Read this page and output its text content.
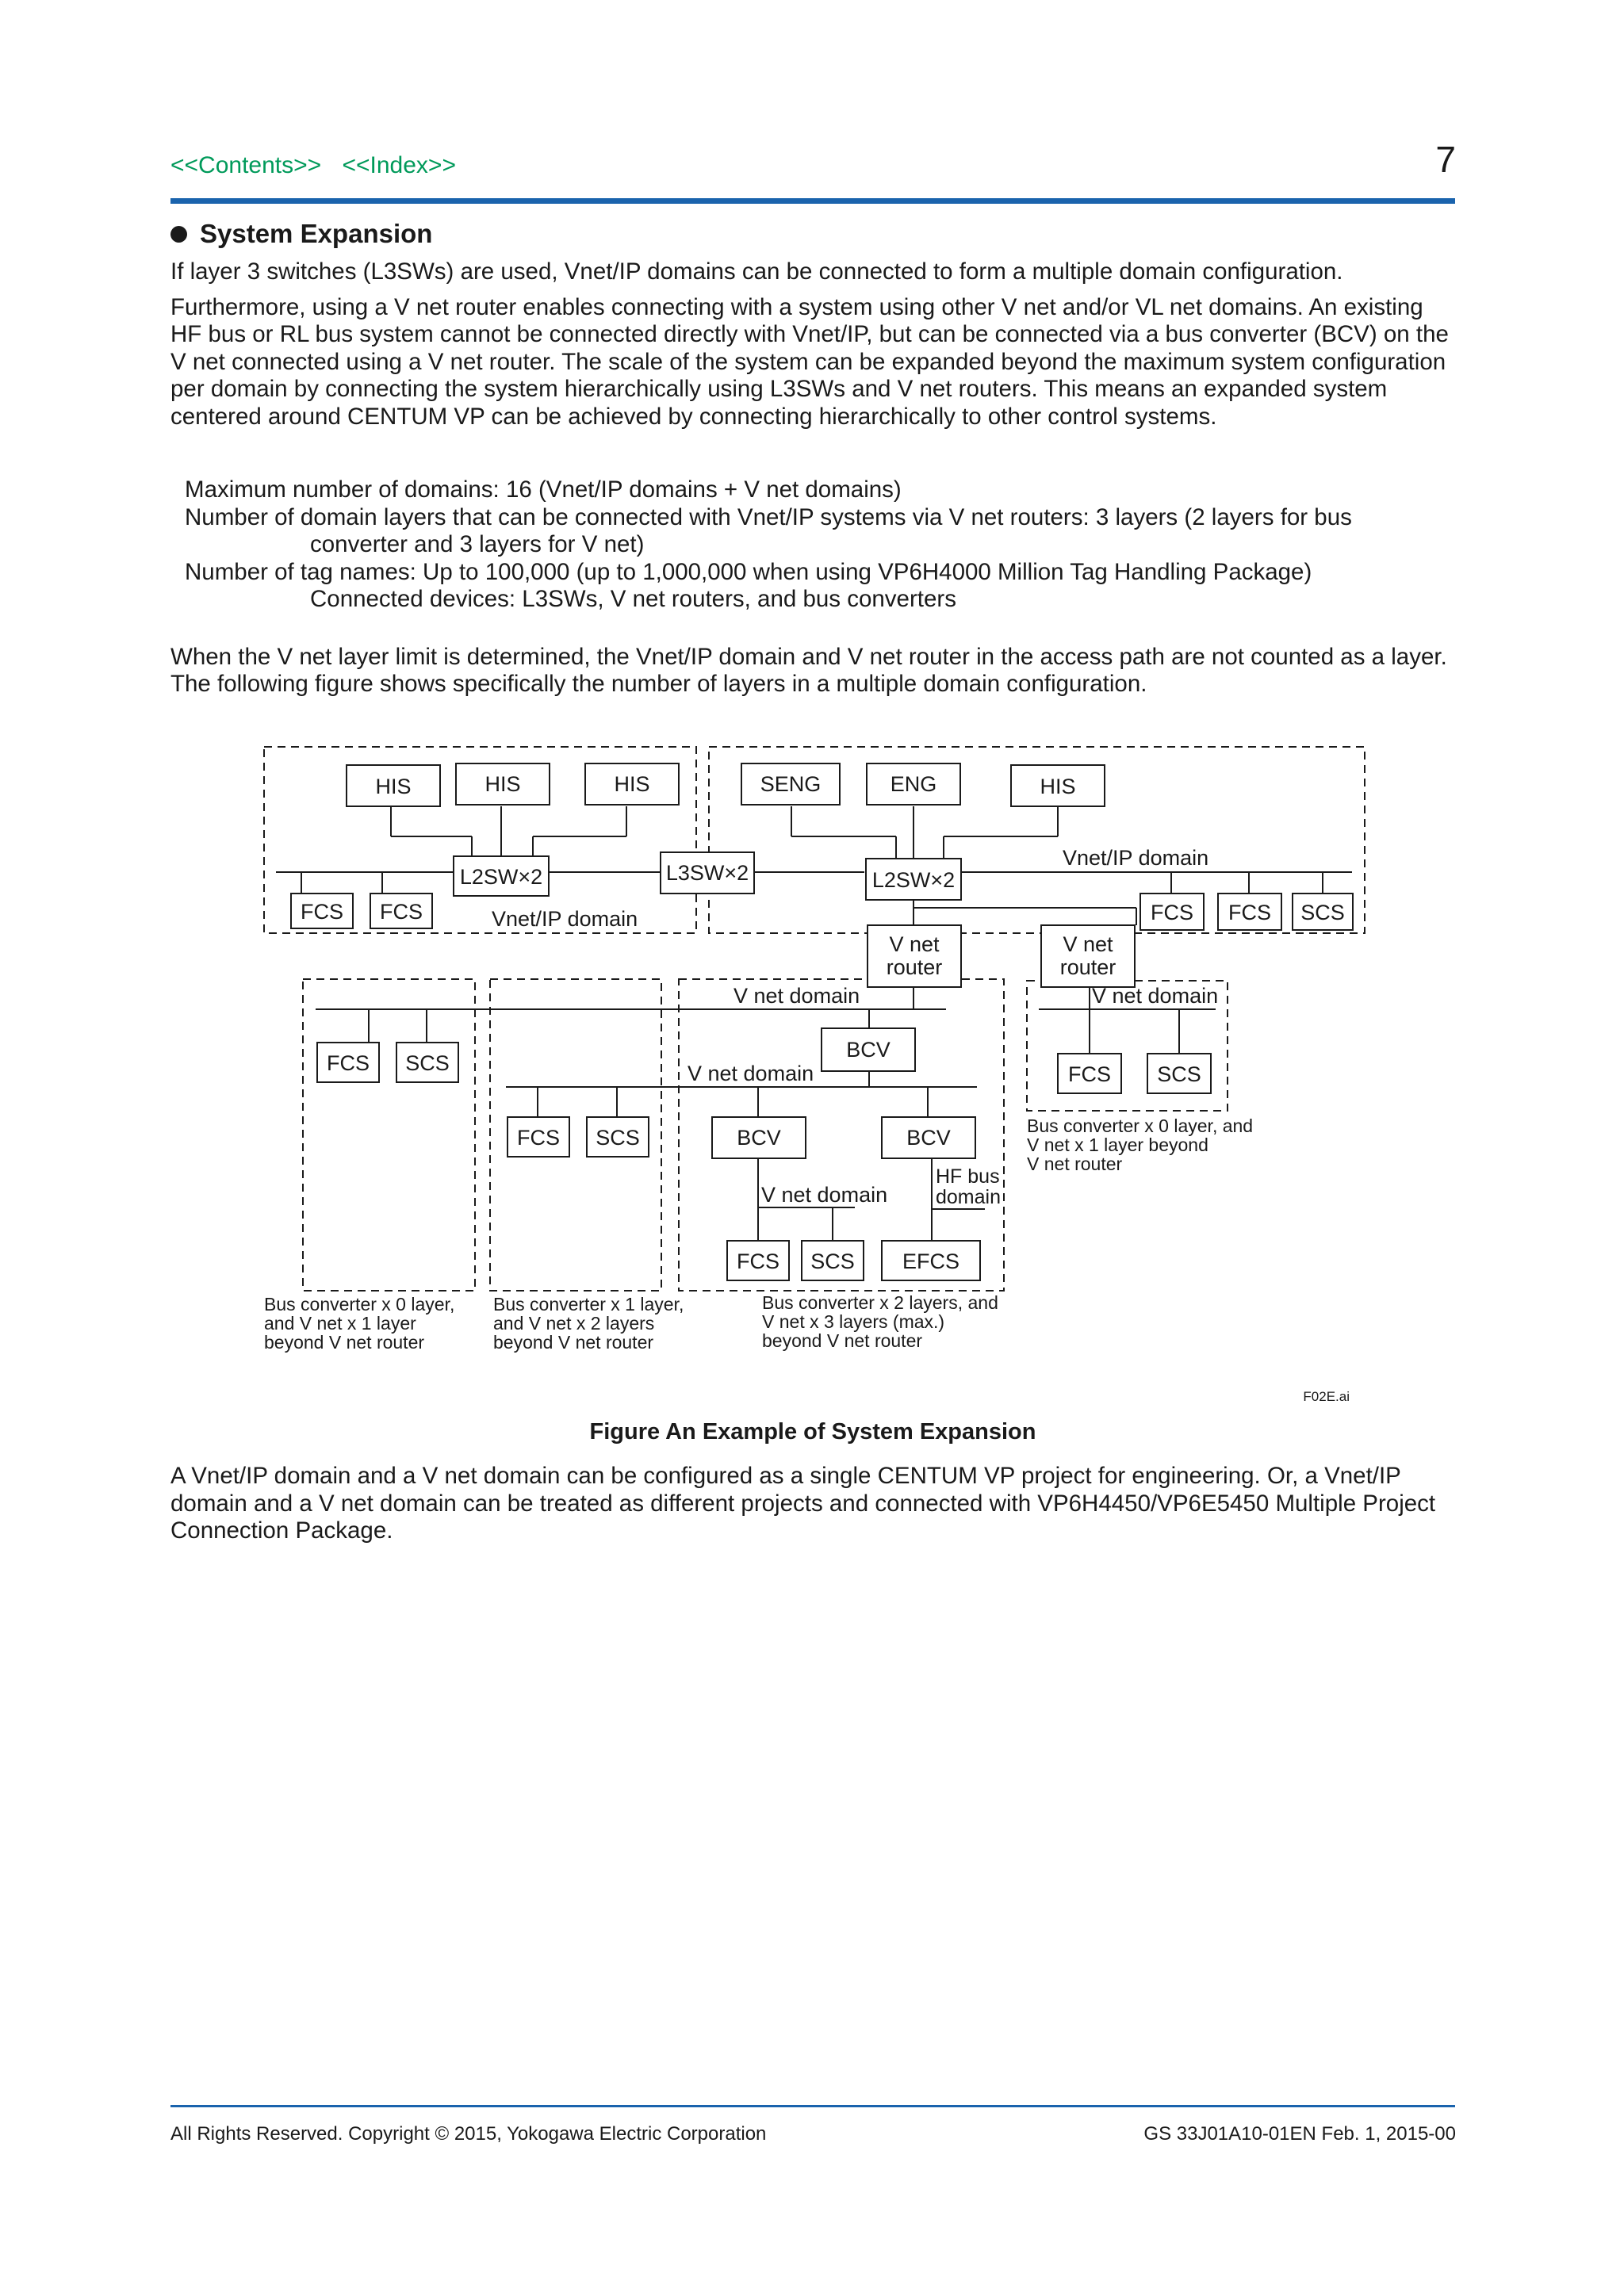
<<Contents>> <<Index>>	7
System Expansion

If layer 3 switches (L3SWs) are used, Vnet/IP domains can be connected to form a multiple domain configuration.

Furthermore, using a V net router enables connecting with a system using other V net and/or VL net domains. An existing HF bus or RL bus system cannot be connected directly with Vnet/IP, but can be connected via a bus converter (BCV) on the V net connected using a V net router. The scale of the system can be expanded beyond the maximum system configuration per domain by connecting the system hierarchically using L3SWs and V net routers. This means an expanded system centered around CENTUM VP can be achieved by connecting hierarchically to other control systems.

Maximum number of domains: 16 (Vnet/IP domains + V net domains)
Number of domain layers that can be connected with Vnet/IP systems via V net routers: 3 layers (2 layers for bus
converter and 3 layers for V net)
Number of tag names: Up to 100,000 (up to 1,000,000 when using VP6H4000 Million Tag Handling Package)
Connected devices: L3SWs, V net routers, and bus converters

When the V net layer limit is determined, the Vnet/IP domain and V net router in the access path are not counted as a layer. The following figure shows specifically the number of layers in a multiple domain configuration.

HIS	HIS	HIS
L2SW×2	L3SW×2
FCS FCS	Vnet/IP domain
SENG	ENG	HIS
L2SW×2
Vnet/IP domain
FCS FCS SCS
V net
router
V net
router
V net domain
FCS SCS
BCV
V net domain
FCS SCS	BCV	BCV
V net domain
HF bus
domain
FCS SCS EFCS
V net domain
FCS SCS
Bus converter x 0 layer,
and V net x 1 layer
beyond V net router
Bus converter x 1 layer,
and V net x 2 layers
beyond V net router
Bus converter x 2 layers, and
V net x 3 layers (max.)
beyond V net router
Bus converter x 0 layer, and
V net x 1 layer beyond
V net router
F02E.ai
Figure An Example of System Expansion

A Vnet/IP domain and a V net domain can be configured as a single CENTUM VP project for engineering. Or, a Vnet/IP domain and a V net domain can be treated as different projects and connected with VP6H4450/VP6E5450 Multiple Project Connection Package.

All Rights Reserved. Copyright © 2015, Yokogawa Electric Corporation	GS 33J01A10-01EN Feb. 1, 2015-00
